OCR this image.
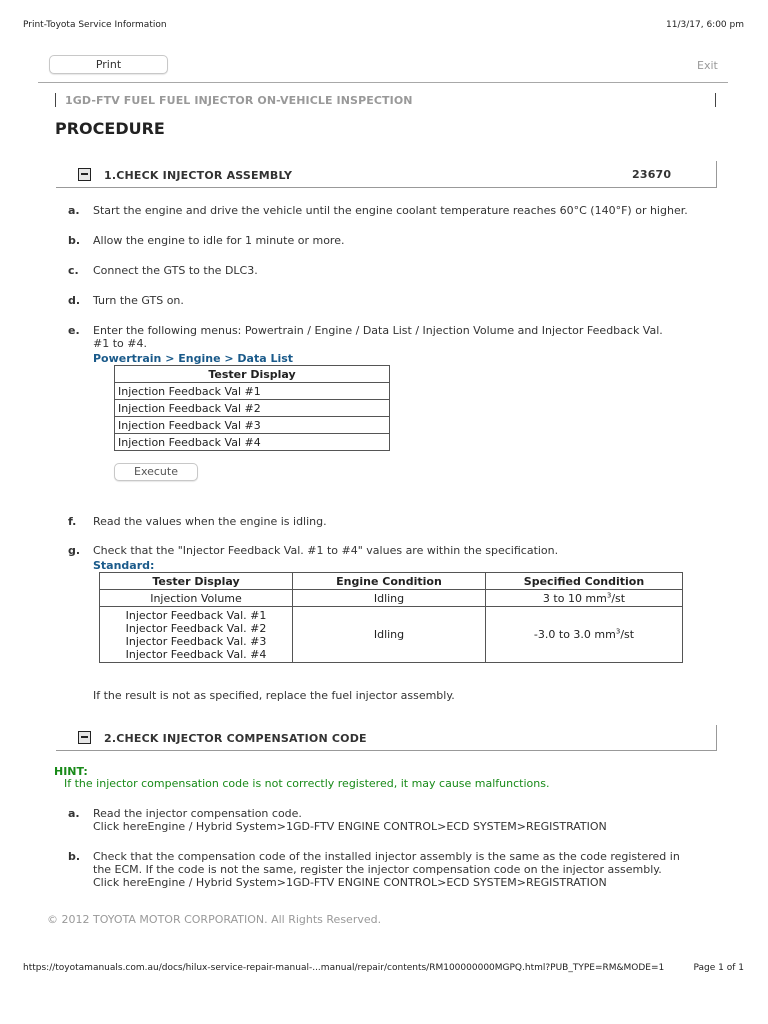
Print-Toyota Service Information	11/3/17, 6:00 pm
Print	Exit
1GD-FTV FUEL FUEL INJECTOR ON-VEHICLE INSPECTION
PROCEDURE
1.CHECK INJECTOR ASSEMBLY	23670
a. Start the engine and drive the vehicle until the engine coolant temperature reaches 60°C (140°F) or higher.
b. Allow the engine to idle for 1 minute or more.
c. Connect the GTS to the DLC3.
d. Turn the GTS on.
e. Enter the following menus: Powertrain / Engine / Data List / Injection Volume and Injector Feedback Val.
#1 to #4.
Powertrain > Engine > Data List
Tester Display
Injection Feedback Val #1
Injection Feedback Val #2
Injection Feedback Val #3
Injection Feedback Val #4
Execute
f. Read the values when the engine is idling.
g. Check that the "Injector Feedback Val. #1 to #4" values are within the specification.
Standard:
Tester Display	Engine Condition	Specified Condition
Injection Volume	Idling	3 to 10 $mm^3/st$

Injector Feedback Val. #1
Injector Feedback Val. #2
Injector Feedback Val. #3
Injector Feedback Val. #4	Idling	-3.0 to 3.0 $mm^3/st$
If the result is not as specified, replace the fuel injector assembly.
2.CHECK INJECTOR COMPENSATION CODE
HINT:
If the injector compensation code is not correctly registered, it may cause malfunctions.
a. Read the injector compensation code.
Click hereEngine / Hybrid System>1GD-FTV ENGINE CONTROL>ECD SYSTEM>REGISTRATION
b. Check that the compensation code of the installed injector assembly is the same as the code registered in
the ECM. If the code is not the same, register the injector compensation code on the injector assembly.
Click hereEngine / Hybrid System>1GD-FTV ENGINE CONTROL>ECD SYSTEM>REGISTRATION
© 2012 TOYOTA MOTOR CORPORATION. All Rights Reserved.
https://toyotamanuals.com.au/docs/hilux-service-repair-manual-...manual/repair/contents/RM100000000MGPQ.html?PUB_TYPE=RM&MODE=1	Page 1 of 1
